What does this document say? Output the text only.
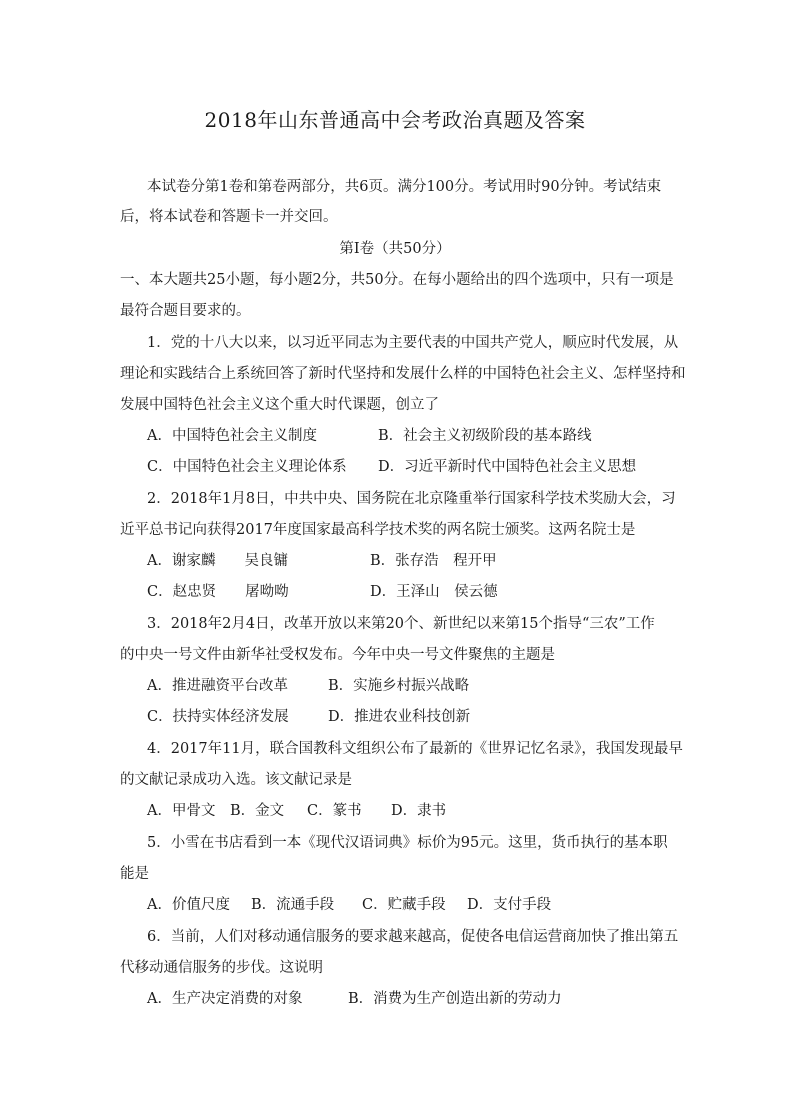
2018年山东普通高中会考政治真题及答案
本试卷分第1卷和第卷两部分，共6页。满分100分。考试用时90分钟。考试结束
后，将本试卷和答题卡一并交回。
第Ⅰ卷（共50分）
一、本大题共25小题，每小题2分，共50分。在每小题给出的四个选项中，只有一项是
最符合题目要求的。
1．党的十八大以来，以习近平同志为主要代表的中国共产党人，顺应时代发展，从
理论和实践结合上系统回答了新时代坚持和发展什么样的中国特色社会主义、怎样坚持和
发展中国特色社会主义这个重大时代课题，创立了
A．中国特色社会主义制度	B．社会主义初级阶段的基本路线
C．中国特色社会主义理论体系 D．习近平新时代中国特色社会主义思想
2．2018年1月8日，中共中央、国务院在北京隆重举行国家科学技术奖励大会，习
近平总书记向获得2017年度国家最高科学技术奖的两名院士颁奖。这两名院士是
A．谢家麟　　吴良镛	B．张存浩　程开甲
C．赵忠贤　　屠呦呦	D．王泽山　侯云德
3．2018年2月4日，改革开放以来第20个、新世纪以来第15个指导“三农”工作
的中央一号文件由新华社受权发布。今年中央一号文件聚焦的主题是
A．推进融资平台改革	B．实施乡村振兴战略
C．扶持实体经济发展	D．推进农业科技创新
4．2017年11月，联合国教科文组织公布了最新的《世界记忆名录》，我国发现最早
的文献记录成功入选。该文献记录是
A．甲骨文 B．金文 C．篆书 D．隶书
5．小雪在书店看到一本《现代汉语词典》标价为95元。这里，货币执行的基本职
能是
A．价值尺度 B．流通手段 C．贮藏手段 D．支付手段
6．当前，人们对移动通信服务的要求越来越高，促使各电信运营商加快了推出第五
代移动通信服务的步伐。这说明
A．生产决定消费的对象	B．消费为生产创造出新的劳动力
